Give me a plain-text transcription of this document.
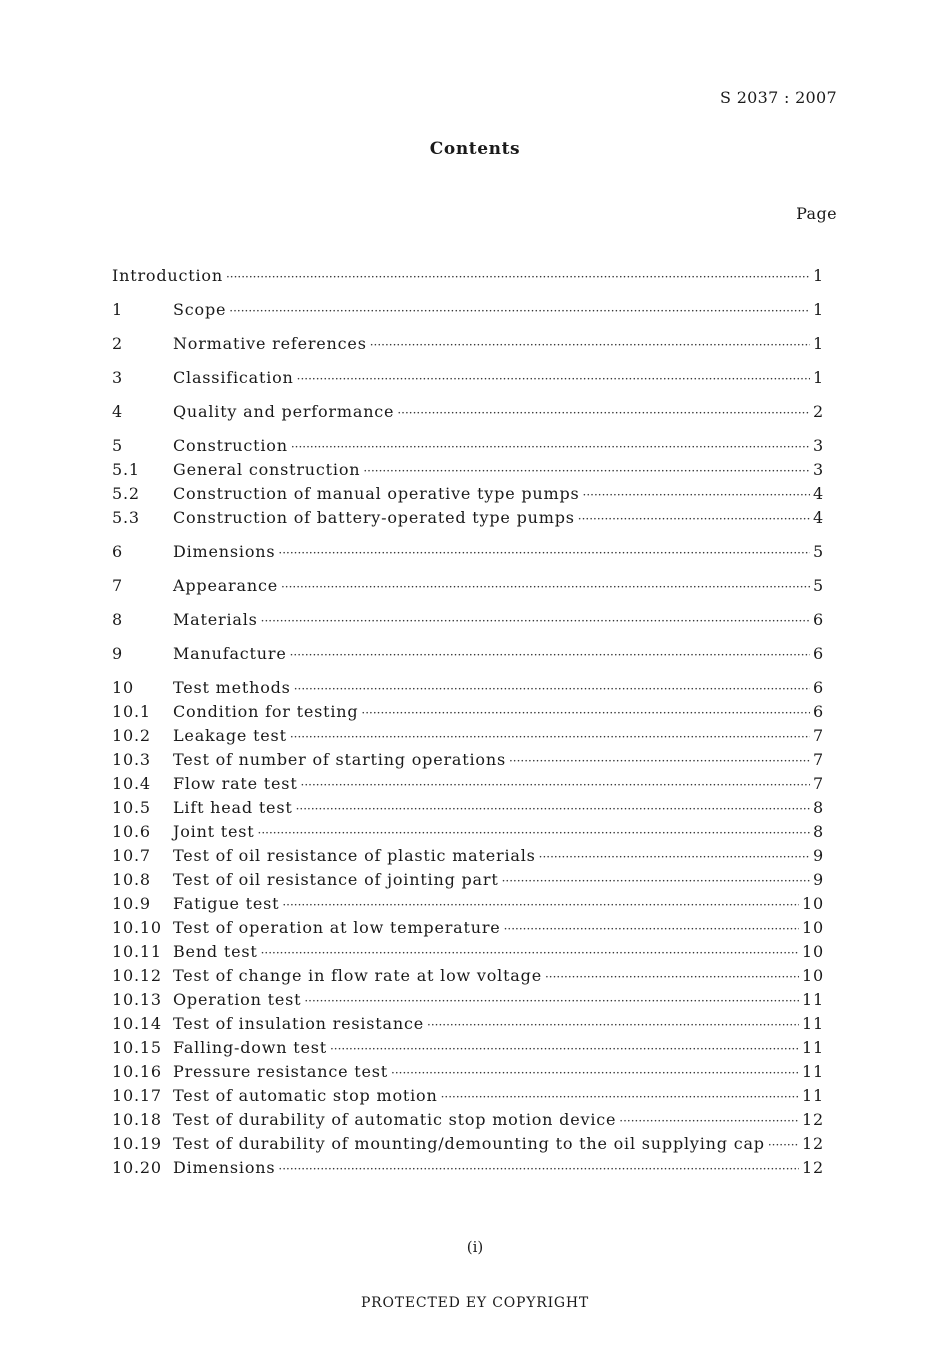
S 2037 : 2007
Contents
Page
Introduction ·····	1
1	Scope ·····	1
2	Normative references ·····	1
3	Classification ·····	1
4	Quality and performance ·····	2
5	Construction ·····	3
5.1	General construction ·····	3
5.2	Construction of manual operative type pumps ·····	4
5.3	Construction of battery-operated type pumps ·····	4
6	Dimensions ·····	5
7	Appearance ·····	5
8	Materials ·····	6
9	Manufacture ·····	6
10	Test methods ·····	6
10.1	Condition for testing ·····	6
10.2	Leakage test ·····	7
10.3	Test of number of starting operations ·····	7
10.4	Flow rate test ·····	7
10.5	Lift head test ·····	8
10.6	Joint test ·····	8
10.7	Test of oil resistance of plastic materials ·····	9
10.8	Test of oil resistance of jointing part ·····	9
10.9	Fatigue test ·····	10
10.10 Test of operation at low temperature ·····	10
10.11 Bend test ·····	10
10.12 Test of change in flow rate at low voltage ·····	10
10.13 Operation test ·····	11
10.14 Test of insulation resistance ·····	11
10.15 Falling-down test ·····	11
10.16 Pressure resistance test ·····	11
10.17 Test of automatic stop motion ·····	11
10.18 Test of durability of automatic stop motion device ·····	12
10.19 Test of durability of mounting/demounting to the oil supplying cap ····· 12
10.20 Dimensions ·····	12
(i)
PROTECTED ΕY COPYRIGHT
